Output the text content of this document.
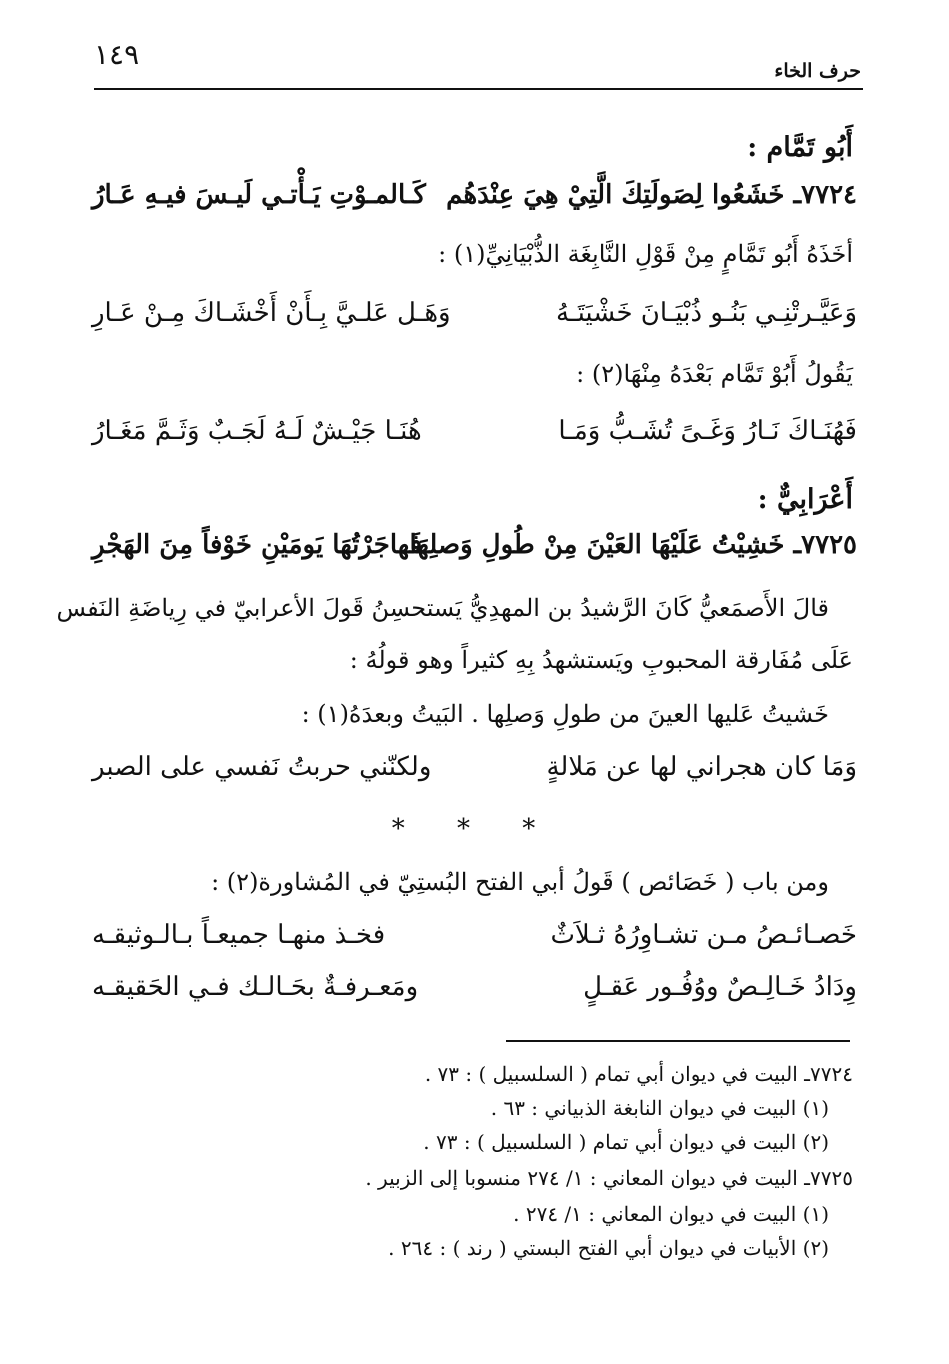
١٤٩	حرف الخاء
أَبُو تَمَّام :
٧٧٢٤ـ خَشَعُوا لِصَولَتِكَ الَّتِيْ هِيَ عِنْدَهُم
كَـالمـوْتِ يَـأْتـي لَيـسَ فيـهِ عَـارُ
أخَذَهُ أَبُو تَمَّامٍ مِنْ قَوْلِ النَّابِغَة الذُّبْيَانِيِّ(١) :
وَعَيَّـرتْنِـي بَنُـو ذُبْيَـانَ خَشْيَتَـهُ
وَهَـل عَلـيَّ بِـأَنْ أَخْشَـاكَ مِـنْ عَـارِ
يَقُولُ أَبُوْ تَمَّام بَعْدَهُ مِنْهَا(٢) :
فَهُنَـاكَ نَـارُ وَغَـىً تُشَـبُّ وَمَـا
هُنَـا جَيْـشٌ لَـهُ لَجَـبٌ وَثَـمَّ مَغَـارُ
أَعْرَابِيٌّ :
٧٧٢٥ـ خَشِيْتُ عَلَيْهَا العَيْنَ مِنْ طُولِ وَصلِهَا
فَهاجَرْتُهَا يَومَيْنِ خَوْفاً مِنَ الهَجْرِ
قالَ الأَصمَعيُّ كَانَ الرَّشيدُ بن المهدِيُّ يَستحسِنُ قَولَ الأعرابيّ في رِياضَةِ النَفس
عَلَى مُفَارقة المحبوبِ ويَستشهدُ بِهِ كثيراً وهو قولُهُ :
خَشيتُ عَليها العينَ من طولِ وَصلِها . البَيتُ وبعدَهُ(١) :
وَمَا كان هجراني لها عن مَلالةٍ
ولكنّني حربتُ نَفسي على الصبر
* * *
ومن باب ( خَصَائص ) قَولُ أبي الفتح البُستِيّ في المُشاورة(٢) :
خَصـائـصُ مـن تشـاوِرُهُ ثـلاَثٌ
فخـذ منهـا جميعـاً بـالـوثيقـه
وِدَادُ خَـالِـصٌ ووُفُـور عَقـلٍ
ومَعـرفـةٌ بحَـالـك فـي الحَقيقـه
٧٧٢٤ـ البيت في ديوان أبي تمام ( السلسبيل ) : ٧٣ .
(١) البيت في ديوان النابغة الذبياني : ٦٣ .
(٢) البيت في ديوان أبي تمام ( السلسبيل ) : ٧٣ .
٧٧٢٥ـ البيت في ديوان المعاني : ١/ ٢٧٤ منسوبا إلى الزبير .
(١) البيت في ديوان المعاني : ١/ ٢٧٤ .
(٢) الأبيات في ديوان أبي الفتح البستي ( رند ) : ٢٦٤ .
